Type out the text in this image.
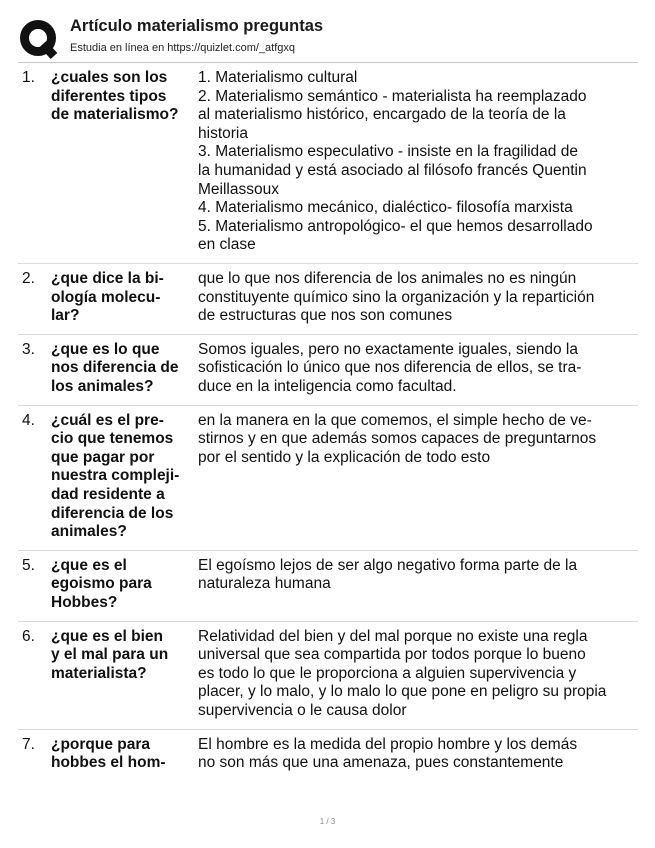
Artículo materialismo preguntas
Estudia en línea en https://quizlet.com/_atfgxq
1. ¿cuales son los
diferentes tipos
de materialismo?
1. Materialismo cultural
2. Materialismo semántico - materialista ha reemplazado
al materialismo histórico, encargado de la teoría de la
historia
3. Materialismo especulativo - insiste en la fragilidad de
la humanidad y está asociado al filósofo francés Quentin
Meillassoux
4. Materialismo mecánico, dialéctico- filosofía marxista
5. Materialismo antropológico- el que hemos desarrollado
en clase
2. ¿que dice la bi-
ología molecu-
lar?
que lo que nos diferencia de los animales no es ningún
constituyente químico sino la organización y la repartición
de estructuras que nos son comunes
3. ¿que es lo que
nos diferencia de
los animales?
Somos iguales, pero no exactamente iguales, siendo la
sofisticación lo único que nos diferencia de ellos, se tra-
duce en la inteligencia como facultad.
4. ¿cuál es el pre-
cio que tenemos
que pagar por
nuestra compleji-
dad residente a
diferencia de los
animales?
en la manera en la que comemos, el simple hecho de ve-
stirnos y en que además somos capaces de preguntarnos
por el sentido y la explicación de todo esto
5. ¿que es el
egoismo para
Hobbes?
El egoísmo lejos de ser algo negativo forma parte de la
naturaleza humana
6. ¿que es el bien
y el mal para un
materialista?
Relatividad del bien y del mal porque no existe una regla
universal que sea compartida por todos porque lo bueno
es todo lo que le proporciona a alguien supervivencia y
placer, y lo malo, y lo malo lo que pone en peligro su propia
supervivencia o le causa dolor
7. ¿porque para
hobbes el hom-
El hombre es la medida del propio hombre y los demás
no son más que una amenaza, pues constantemente
1 / 3
